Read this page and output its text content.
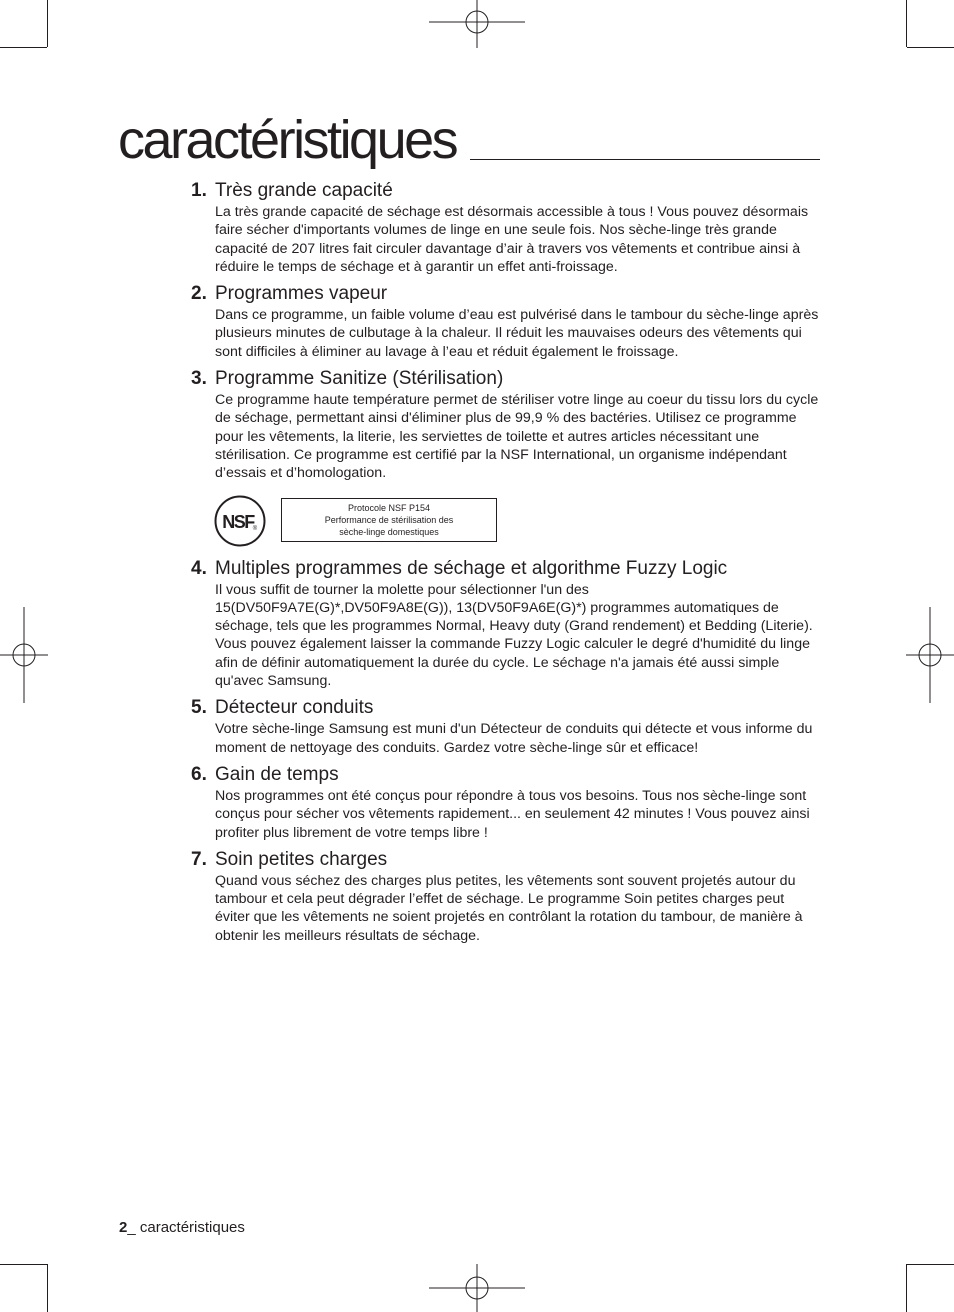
caractéristiques
1. Très grande capacité

La très grande capacité de séchage est désormais accessible à tous ! Vous pouvez désormais faire sécher d'importants volumes de linge en une seule fois. Nos sèche-linge très grande capacité de 207 litres fait circuler davantage d’air à travers vos vêtements et contribue ainsi à réduire le temps de séchage et à garantir un effet anti-froissage.

2. Programmes vapeur

Dans ce programme, un faible volume d’eau est pulvérisé dans le tambour du sèche-linge après plusieurs minutes de culbutage à la chaleur. Il réduit les mauvaises odeurs des vêtements qui sont difficiles à éliminer au lavage à l’eau et réduit également le froissage.

3. Programme Sanitize (Stérilisation)

Ce programme haute température permet de stériliser votre linge au coeur du tissu lors du cycle de séchage, permettant ainsi d'éliminer plus de 99,9 % des bactéries. Utilisez ce programme pour les vêtements, la literie, les serviettes de toilette et autres articles nécessitant une stérilisation. Ce programme est certifié par la NSF International, un organisme indépendant d’essais et d’homologation.

NSF ®
Protocole NSF P154
Performance de stérilisation des
sèche-linge domestiques
4. Multiples programmes de séchage et algorithme Fuzzy Logic

Il vous suffit de tourner la molette pour sélectionner l'un des 15(DV50F9A7E(G)*,DV50F9A8E(G)), 13(DV50F9A6E(G)*) programmes automatiques de séchage, tels que les programmes Normal, Heavy duty (Grand rendement) et Bedding (Literie). Vous pouvez également laisser la commande Fuzzy Logic calculer le degré d'humidité du linge afin de définir automatiquement la durée du cycle. Le séchage n'a jamais été aussi simple qu'avec Samsung.

5. Détecteur conduits

Votre sèche-linge Samsung est muni d'un Détecteur de conduits qui détecte et vous informe du moment de nettoyage des conduits. Gardez votre sèche-linge sûr et efficace!

6. Gain de temps

Nos programmes ont été conçus pour répondre à tous vos besoins. Tous nos sèche-linge sont conçus pour sécher vos vêtements rapidement... en seulement 42 minutes ! Vous pouvez ainsi profiter plus librement de votre temps libre !

7. Soin petites charges

Quand vous séchez des charges plus petites, les vêtements sont souvent projetés autour du tambour et cela peut dégrader l’effet de séchage. Le programme Soin petites charges peut éviter que les vêtements ne soient projetés en contrôlant la rotation du tambour, de manière à obtenir les meilleurs résultats de séchage.

2_ caractéristiques
